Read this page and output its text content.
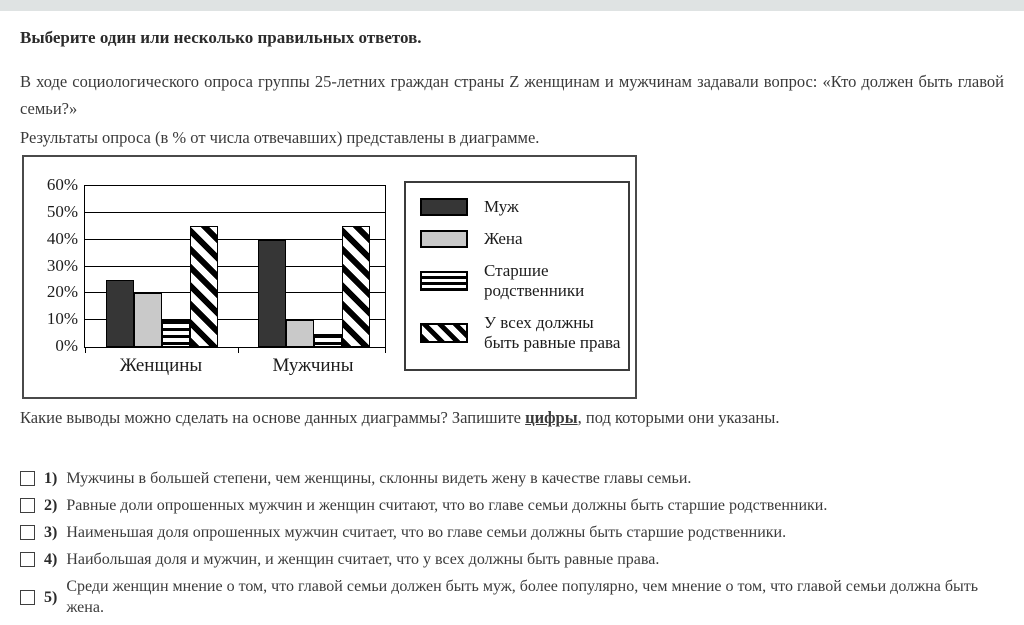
Выберите один или несколько правильных ответов.
В ходе социологического опроса группы 25-летних граждан страны Z женщинам и мужчинам задавали вопрос: «Кто должен быть главой семьи?»
Результаты опроса (в % от числа отвечавших) представлены в диаграмме.
0%
10%
20%
30%
40%
50%
60%
Женщины	Мужчины
Муж
Жена
Старшие родственники
У всех должны быть равные права
Какие выводы можно сделать на основе данных диаграммы? Запишите цифры, под которыми они указаны.
1) Мужчины в большей степени, чем женщины, склонны видеть жену в качестве главы семьи.
2) Равные доли опрошенных мужчин и женщин считают, что во главе семьи должны быть старшие родственники.
3) Наименьшая доля опрошенных мужчин считает, что во главе семьи должны быть старшие родственники.
4) Наибольшая доля и мужчин, и женщин считает, что у всех должны быть равные права.
5)
Среди женщин мнение о том, что главой семьи должен быть муж, более популярно, чем мнение о том, что главой семьи должна быть жена.
